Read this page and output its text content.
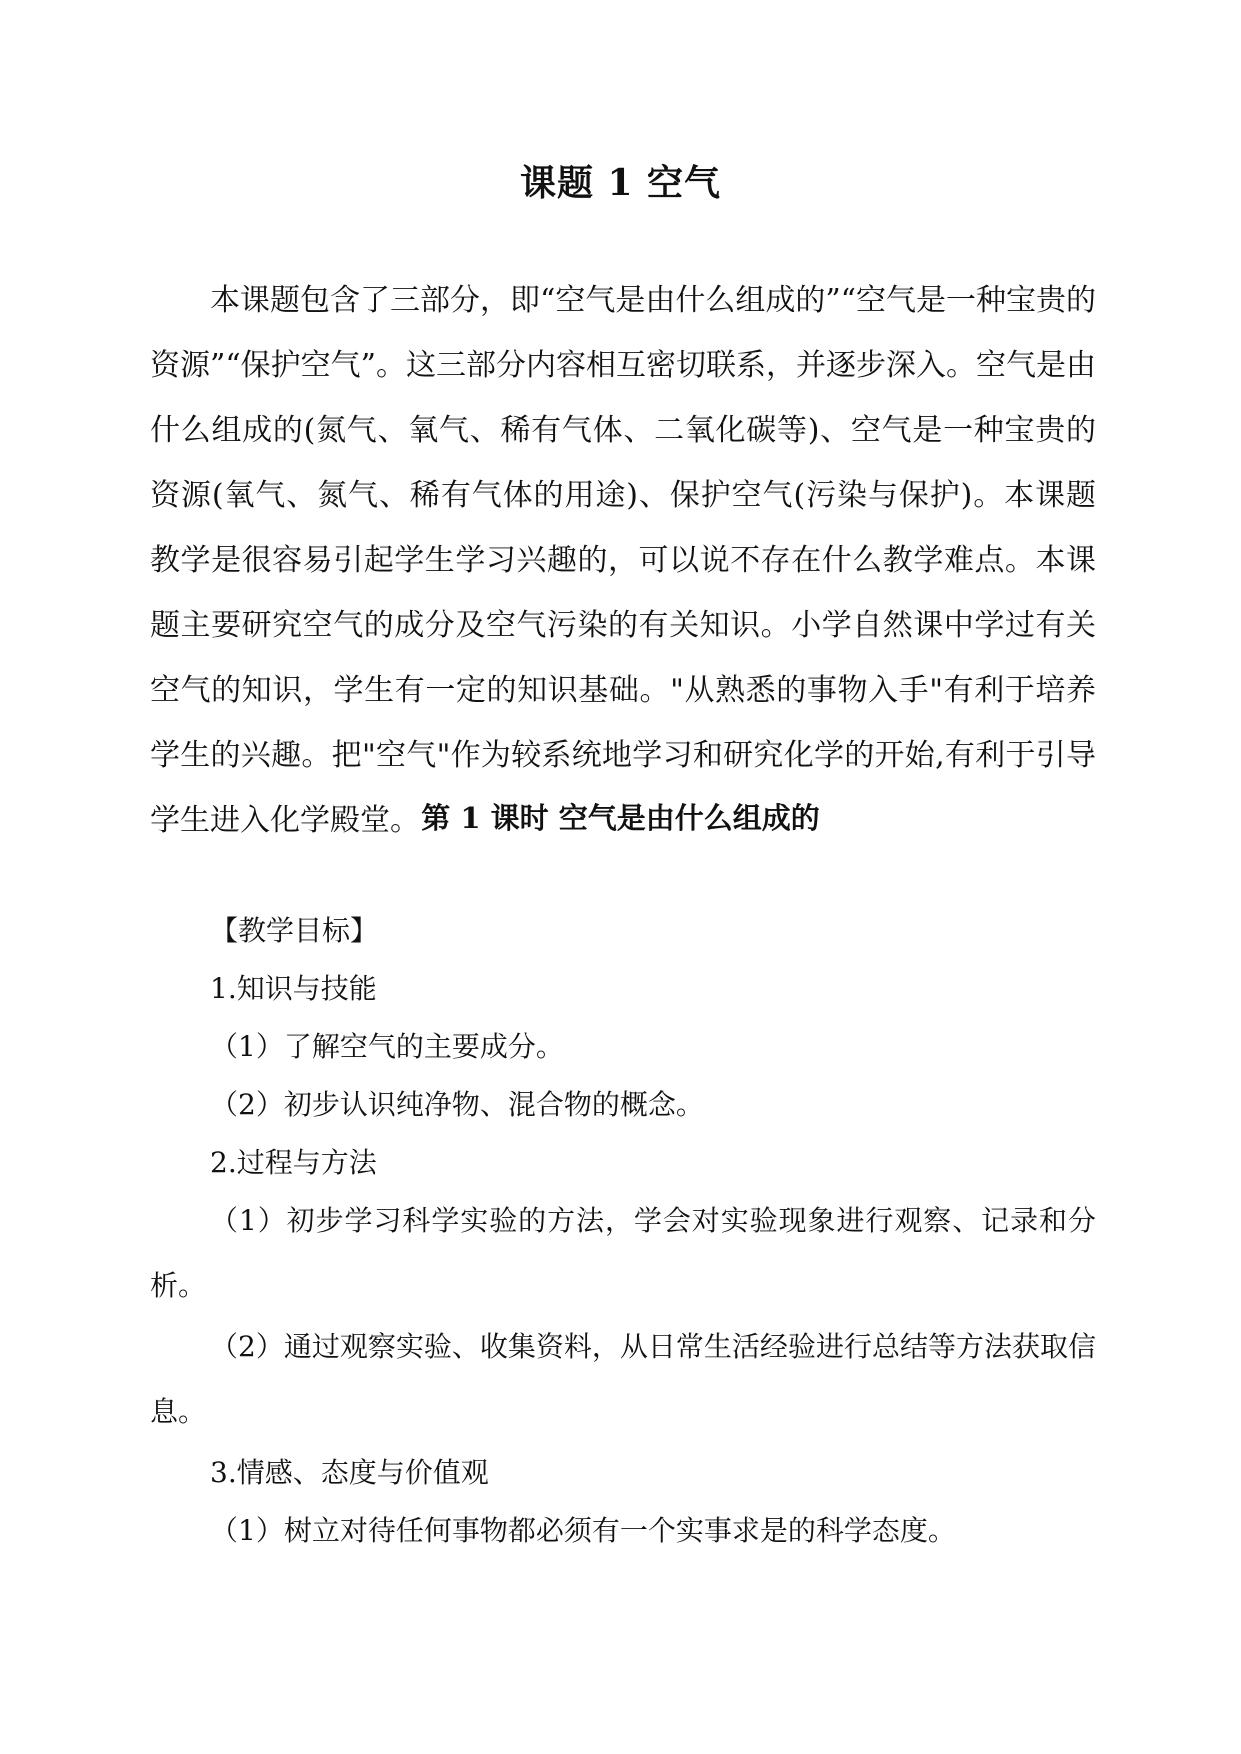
课题 1 空气

本课题包含了三部分，即“空气是由什么组成的”“空气是一种宝贵的资源”“保护空气”。这三部分内容相互密切联系，并逐步深入。空气是由什么组成的(氮气、氧气、稀有气体、二氧化碳等)、空气是一种宝贵的资源(氧气、氮气、稀有气体的用途)、保护空气(污染与保护)。本课题教学是很容易引起学生学习兴趣的，可以说不存在什么教学难点。本课题主要研究空气的成分及空气污染的有关知识。小学自然课中学过有关空气的知识，学生有一定的知识基础。"从熟悉的事物入手"有利于培养学生的兴趣。把"空气"作为较系统地学习和研究化学的开始,有利于引导学生进入化学殿堂。 第 1 课时 空气是由什么组成的

【教学目标】

1.知识与技能

（1）了解空气的主要成分。

（2）初步认识纯净物、混合物的概念。

2.过程与方法

（1）初步学习科学实验的方法，学会对实验现象进行观察、记录和分析。

（2）通过观察实验、收集资料，从日常生活经验进行总结等方法获取信息。

3.情感、态度与价值观

（1）树立对待任何事物都必须有一个实事求是的科学态度。
